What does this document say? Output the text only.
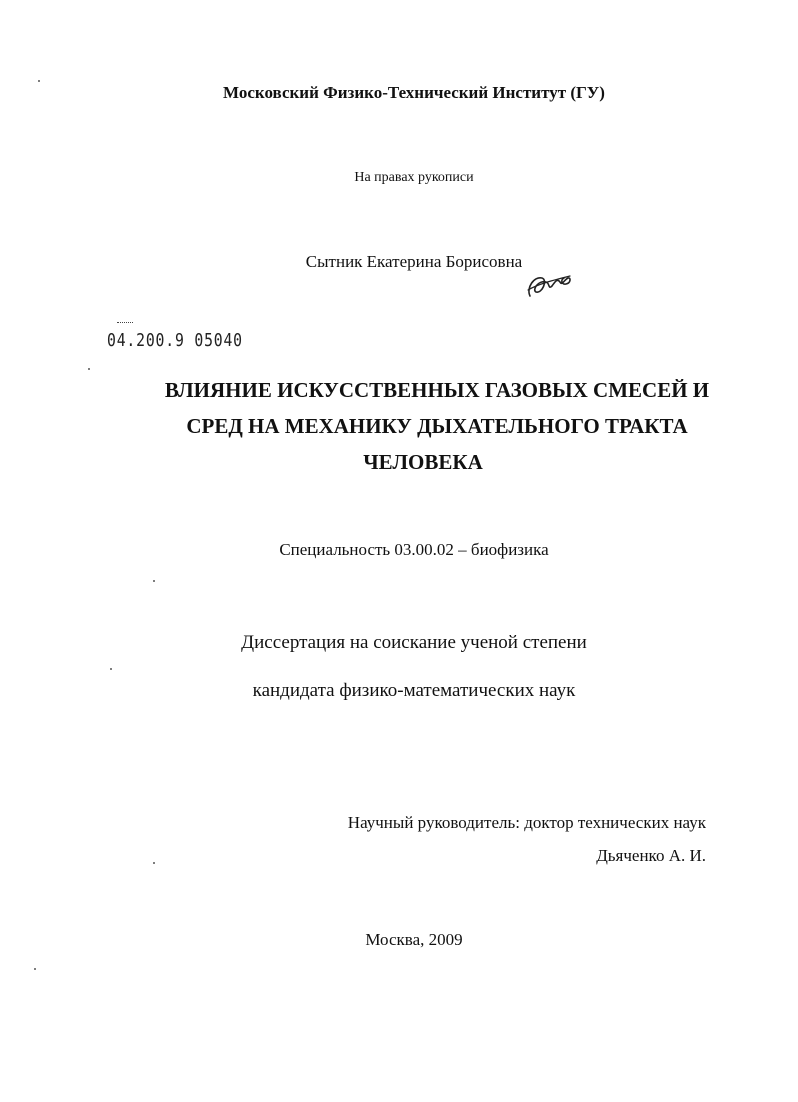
Московский Физико-Технический Институт (ГУ)
На правах рукописи
Сытник Екатерина Борисовна
04.200.9 05040
ВЛИЯНИЕ ИСКУССТВЕННЫХ ГАЗОВЫХ СМЕСЕЙ И
СРЕД НА МЕХАНИКУ ДЫХАТЕЛЬНОГО ТРАКТА
ЧЕЛОВЕКА
Специальность 03.00.02 – биофизика
Диссертация на соискание ученой степени
кандидата физико-математических наук
Научный руководитель: доктор технических наук
Дьяченко А. И.
Москва, 2009
